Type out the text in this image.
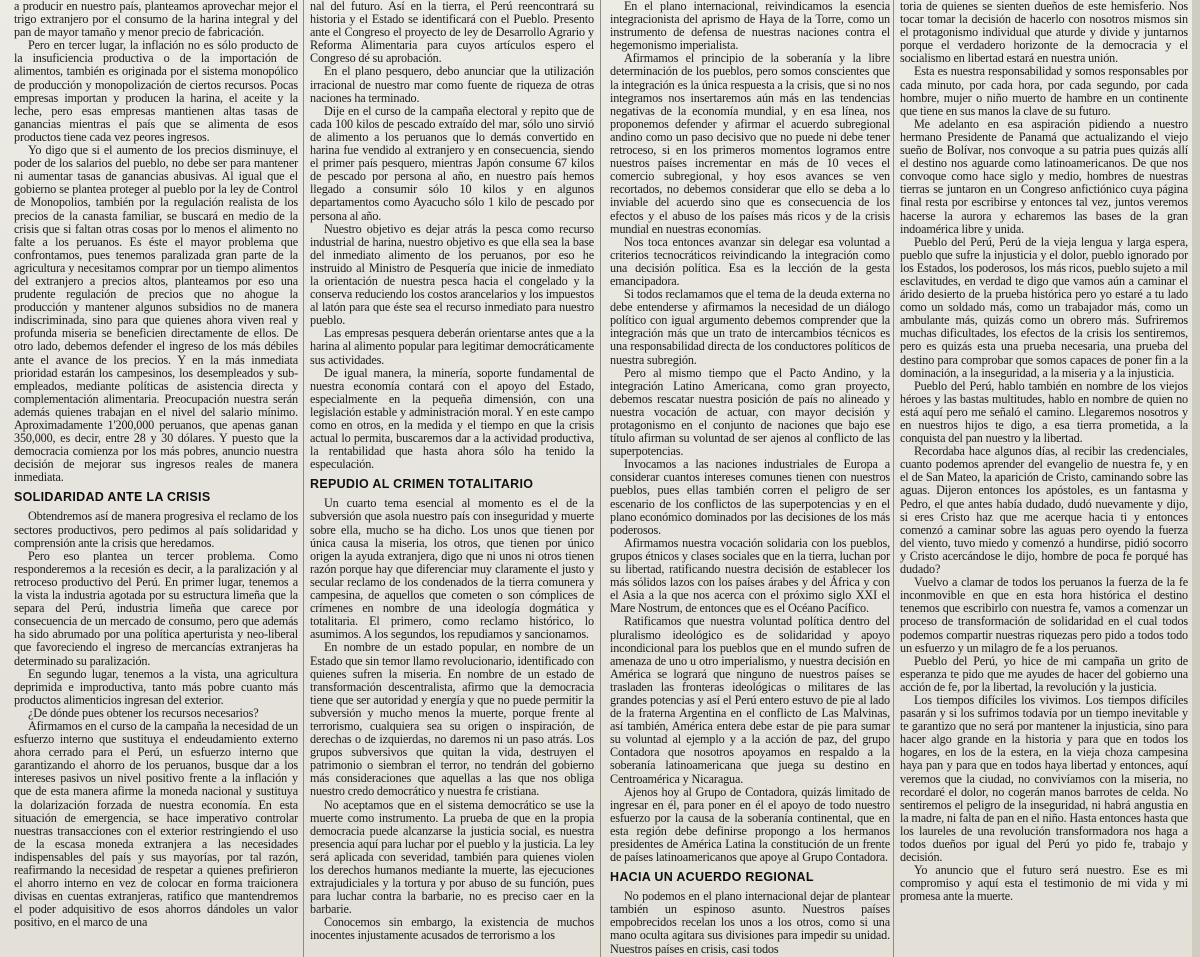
a producir en nuestro país, planteamos aprovechar mejor el trigo extranjero por el consumo de la harina integral y del pan de mayor tamaño y menor precio de fabricación.

Pero en tercer lugar, la inflación no es sólo producto de la insuficiencia productiva o de la importación de alimentos, también es originada por el sistema monopólico de producción y monopolización de ciertos recursos. Pocas empresas importan y producen la harina, el aceite y la leche, pero esas empresas mantienen altas tasas de ganancias mientras el país que se alimenta de esos productos tiene cada vez peores ingresos.

Yo digo que si el aumento de los precios disminuye, el poder de los salarios del pueblo, no debe ser para mantener ni aumentar tasas de ganancias abusivas. Al igual que el gobierno se plantea proteger al pueblo por la ley de Control de Monopolios, también por la regulación realista de los precios de la canasta familiar, se buscará en medio de la crisis que si faltan otras cosas por lo menos el alimento no falte a los peruanos. Es éste el mayor problema que confrontamos, pues tenemos paralizada gran parte de la agricultura y necesitamos comprar por un tiempo alimentos del extranjero a precios altos, planteamos por eso una prudente regulación de precios que no ahogue la producción y mantener algunos subsidios no de manera indiscriminada, sino para que quienes ahora viven real y profunda miseria se beneficien directamente de ellos. De otro lado, debemos defender el ingreso de los más débiles ante el avance de los precios. Y en la más inmediata prioridad estarán los campesinos, los desempleados y sub-empleados, mediante políticas de asistencia directa y complementación alimentaria. Preocupación nuestra serán además quienes trabajan en el nivel del salario mínimo. Aproximadamente 1'200,000 peruanos, que apenas ganan 350,000, es decir, entre 28 y 30 dólares. Y puesto que la democracia comienza por los más pobres, anuncio nuestra decisión de mejorar sus ingresos reales de manera inmediata.

SOLIDARIDAD ANTE LA CRISIS

Obtendremos así de manera progresiva el reclamo de los sectores productivos, pero pedimos al país solidaridad y comprensión ante la crisis que heredamos.

Pero eso plantea un tercer problema. Como responderemos a la recesión es decir, a la paralización y al retroceso productivo del Perú. En primer lugar, tenemos a la vista la industria agotada por su estructura limeña que la separa del Perú, industria limeña que carece por consecuencia de un mercado de consumo, pero que además ha sido abrumado por una política aperturista y neo-liberal que favoreciendo el ingreso de mercancías extranjeras ha determinado su paralización.

En segundo lugar, tenemos a la vista, una agricultura deprimida e improductiva, tanto más pobre cuanto más productos alimenticios ingresan del exterior.

¿De dónde pues obtener los recursos necesarios?

Afirmamos en el curso de la campaña la necesidad de un esfuerzo interno que sustituya el endeudamiento externo ahora cerrado para el Perú, un esfuerzo interno que garantizando el ahorro de los peruanos, busque dar a los intereses pasivos un nivel positivo frente a la inflación y que de esta manera afirme la moneda nacional y sustituya la dolarización forzada de nuestra economía. En esta situación de emergencia, se hace imperativo controlar nuestras transacciones con el exterior restringiendo el uso de la escasa moneda extranjera a las necesidades indispensables del país y sus mayorías, por tal razón, reafirmando la necesidad de respetar a quienes prefirieron el ahorro interno en vez de colocar en forma traicionera divisas en cuentas extranjeras, ratifico que mantendremos el poder adquisitivo de esos ahorros dándoles un valor positivo, en el marco de una

nal del futuro. Así en la tierra, el Perú reencontrará su historia y el Estado se identificará con el Pueblo. Presento ante el Congreso el proyecto de ley de Desarrollo Agrario y Reforma Alimentaria para cuyos artículos espero el Congreso dé su aprobación.

En el plano pesquero, debo anunciar que la utilización irracional de nuestro mar como fuente de riqueza de otras naciones ha terminado.

Dije en el curso de la campaña electoral y repito que de cada 100 kilos de pescado extraído del mar, sólo uno sirvió de alimento a los peruanos que lo demás convertido en harina fue vendido al extranjero y en consecuencia, siendo el primer país pesquero, mientras Japón consume 67 kilos de pescado por persona al año, en nuestro país hemos llegado a consumir sólo 10 kilos y en algunos departamentos como Ayacucho sólo 1 kilo de pescado por persona al año.

Nuestro objetivo es dejar atrás la pesca como recurso industrial de harina, nuestro objetivo es que ella sea la base del inmediato alimento de los peruanos, por eso he instruido al Ministro de Pesquería que inicie de inmediato la orientación de nuestra pesca hacia el congelado y la conserva reduciendo los costos arancelarios y los impuestos al latón para que éste sea el recurso inmediato para nuestro pueblo.

Las empresas pesquera deberán orientarse antes que a la harina al alimento popular para legitimar democráticamente sus actividades.

De igual manera, la minería, soporte fundamental de nuestra economía contará con el apoyo del Estado, especialmente en la pequeña dimensión, con una legislación estable y administración moral. Y en este campo como en otros, en la medida y el tiempo en que la crisis actual lo permita, buscaremos dar a la actividad productiva, la rentabilidad que hasta ahora sólo ha tenido la especulación.

REPUDIO AL CRIMEN TOTALITARIO

Un cuarto tema esencial al momento es el de la subversión que asola nuestro país con inseguridad y muerte sobre ella, mucho se ha dicho. Los unos que tienen por única causa la miseria, los otros, que tienen por único origen la ayuda extranjera, digo que ni unos ni otros tienen razón porque hay que diferenciar muy claramente el justo y secular reclamo de los condenados de la tierra comunera y campesina, de aquellos que cometen o son cómplices de crímenes en nombre de una ideología dogmática y totalitaria. El primero, como reclamo histórico, lo asumimos. A los segundos, los repudiamos y sancionamos.

En nombre de un estado popular, en nombre de un Estado que sin temor llamo revolucionario, identificado con quienes sufren la miseria. En nombre de un estado de transformación descentralista, afirmo que la democracia tiene que ser autoridad y energía y que no puede permitir la subversión y mucho menos la muerte, porque frente al terrorismo, cualquiera sea su origen o inspiración, de derechas o de izquierdas, no daremos ni un paso atrás. Los grupos subversivos que quitan la vida, destruyen el patrimonio o siembran el terror, no tendrán del gobierno más consideraciones que aquellas a las que nos obliga nuestro credo democrático y nuestra fe cristiana.

No aceptamos que en el sistema democrático se use la muerte como instrumento. La prueba de que en la propia democracia puede alcanzarse la justicia social, es nuestra presencia aquí para luchar por el pueblo y la justicia. La ley será aplicada con severidad, también para quienes violen los derechos humanos mediante la muerte, las ejecuciones extrajudiciales y la tortura y por abuso de su función, pues para luchar contra la barbarie, no es preciso caer en la barbarie.

Conocemos sin embargo, la existencia de muchos inocentes injustamente acusados de terrorismo a los

En el plano internacional, reivindicamos la esencia integracionista del aprismo de Haya de la Torre, como un instrumento de defensa de nuestras naciones contra el hegemonismo imperialista.

Afirmamos el principio de la soberanía y la libre determinación de los pueblos, pero somos conscientes que la integración es la única respuesta a la crisis, que si no nos integramos nos insertaremos aún más en las tendencias negativas de la economía mundial, y en esa línea, nos proponemos defender y afirmar el acuerdo subregional andino como un paso decisivo que no puede ni debe tener retroceso, si en los primeros momentos logramos entre nuestros países incrementar en más de 10 veces el comercio subregional, y hoy esos avances se ven recortados, no debemos considerar que ello se deba a lo inviable del acuerdo sino que es consecuencia de los efectos y el abuso de los países más ricos y de la crisis mundial en nuestras economías.

Nos toca entonces avanzar sin delegar esa voluntad a criterios tecnocráticos reivindicando la integración como una decisión política. Esa es la lección de la gesta emancipadora.

Si todos reclamamos que el tema de la deuda externa no debe entenderse y afirmamos la necesidad de un diálogo político con igual argumento debemos comprender que la integración más que un trato de intercambios técnicos es una responsabilidad directa de los conductores políticos de nuestra subregión.

Pero al mismo tiempo que el Pacto Andino, y la integración Latino Americana, como gran proyecto, debemos rescatar nuestra posición de país no alineado y nuestra vocación de actuar, con mayor decisión y protagonismo en el conjunto de naciones que bajo ese título afirman su voluntad de ser ajenos al conflicto de las superpotencias.

Invocamos a las naciones industriales de Europa a considerar cuantos intereses comunes tienen con nuestros pueblos, pues ellas también corren el peligro de ser escenario de los conflictos de las superpotencias y en el plano económico dominados por las decisiones de los más poderosos.

Afirmamos nuestra vocación solidaria con los pueblos, grupos étnicos y clases sociales que en la tierra, luchan por su libertad, ratificando nuestra decisión de establecer los más sólidos lazos con los países árabes y del África y con el Asia a la que nos acerca con el próximo siglo XXI el Mare Nostrum, de entonces que es el Océano Pacífico.

Ratificamos que nuestra voluntad política dentro del pluralismo ideológico es de solidaridad y apoyo incondicional para los pueblos que en el mundo sufren de amenaza de uno u otro imperialismo, y nuestra decisión en América se logrará que ninguno de nuestros países se trasladen las fronteras ideológicas o militares de las grandes potencias y así el Perú entero estuvo de pie al lado de la fraterna Argentina en el conflicto de Las Malvinas, así también, América entera debe estar de pie para sumar su voluntad al ejemplo y a la acción de paz, del grupo Contadora que nosotros apoyamos en respaldo a la soberanía latinoamericana que juega su destino en Centroamérica y Nicaragua.

Ajenos hoy al Grupo de Contadora, quizás limitado de ingresar en él, para poner en él el apoyo de todo nuestro esfuerzo por la causa de la soberanía continental, que en esta región debe definirse propongo a los hermanos presidentes de América Latina la constitución de un frente de países latinoamericanos que apoye al Grupo Contadora.

HACIA UN ACUERDO REGIONAL

No podemos en el plano internacional dejar de plantear también un espinoso asunto. Nuestros países empobrecidos recelan los unos a los otros, como si una mano oculta agitara sus divisiones para impedir su unidad. Nuestros países en crisis, casi todos

toria de quienes se sienten dueños de este hemisferio. Nos tocar tomar la decisión de hacerlo con nosotros mismos sin el protagonismo individual que aturde y divide y juntarnos porque el verdadero horizonte de la democracia y el socialismo en libertad estará en nuestra unión.

Esta es nuestra responsabilidad y somos responsables por cada minuto, por cada hora, por cada segundo, por cada hombre, mujer o niño muerto de hambre en un continente que tiene en sus manos la clave de su futuro.

Me adelanto en esa aspiración pidiendo a nuestro hermano Presidente de Panamá que actualizando el viejo sueño de Bolívar, nos convoque a su patria pues quizás allí el destino nos aguarde como latinoamericanos. De que nos convoque como hace siglo y medio, hombres de nuestras tierras se juntaron en un Congreso anfictiónico cuya página final resta por escribirse y entonces tal vez, juntos veremos hacerse la aurora y echaremos las bases de la gran indoamérica libre y unida.

Pueblo del Perú, Perú de la vieja lengua y larga espera, pueblo que sufre la injusticia y el dolor, pueblo ignorado por los Estados, los poderosos, los más ricos, pueblo sujeto a mil esclavitudes, en verdad te digo que vamos aún a caminar el árido desierto de la prueba histórica pero yo estaré a tu lado como un soldado más, como un trabajador más, como un ambulante más, quizás como un obrero más. Sufriremos muchas dificultades, los efectos de la crisis los sentiremos, pero es quizás esta una prueba necesaria, una prueba del destino para comprobar que somos capaces de poner fin a la dominación, a la inseguridad, a la miseria y a la injusticia.

Pueblo del Perú, hablo también en nombre de los viejos héroes y las bastas multitudes, hablo en nombre de quien no está aquí pero me señaló el camino. Llegaremos nosotros y en nuestros hijos te digo, a esa tierra prometida, a la conquista del pan nuestro y la libertad.

Recordaba hace algunos días, al recibir las credenciales, cuanto podemos aprender del evangelio de nuestra fe, y en el de San Mateo, la aparición de Cristo, caminando sobre las aguas. Dijeron entonces los apóstoles, es un fantasma y Pedro, el que antes había dudado, dudó nuevamente y dijo, si eres Cristo haz que me acerque hacia ti y entonces comenzó a caminar sobre las aguas pero oyendo la fuerza del viento, tuvo miedo y comenzó a hundirse, pidió socorro y Cristo acercándose le dijo, hombre de poca fe porqué has dudado?

Vuelvo a clamar de todos los peruanos la fuerza de la fe inconmovible en que en esta hora histórica el destino tenemos que escribirlo con nuestra fe, vamos a comenzar un proceso de transformación de solidaridad en el cual todos podemos compartir nuestras riquezas pero pido a todos todo un esfuerzo y un milagro de fe a los peruanos.

Pueblo del Perú, yo hice de mi campaña un grito de esperanza te pido que me ayudes de hacer del gobierno una acción de fe, por la libertad, la revolución y la justicia.

Los tiempos difíciles los vivimos. Los tiempos difíciles pasarán y si los sufrimos todavía por un tiempo inevitable y te garantizo que no será por mantener la injusticia, sino para hacer algo grande en la historia y para que en todos los hogares, en los de la estera, en la vieja choza campesina haya pan y para que en todos haya libertad y entonces, aquí veremos que la ciudad, no convivíamos con la miseria, no recordaré el dolor, no cogerán manos barrotes de celda. No sentiremos el peligro de la inseguridad, ni habrá angustia en la madre, ni falta de pan en el niño. Hasta entonces hasta que los laureles de una revolución transformadora nos haga a todos dueños por igual del Perú yo pido fe, trabajo y decisión.

Yo anuncio que el futuro será nuestro. Ese es mi compromiso y aquí esta el testimonio de mi vida y mi promesa ante la muerte.
